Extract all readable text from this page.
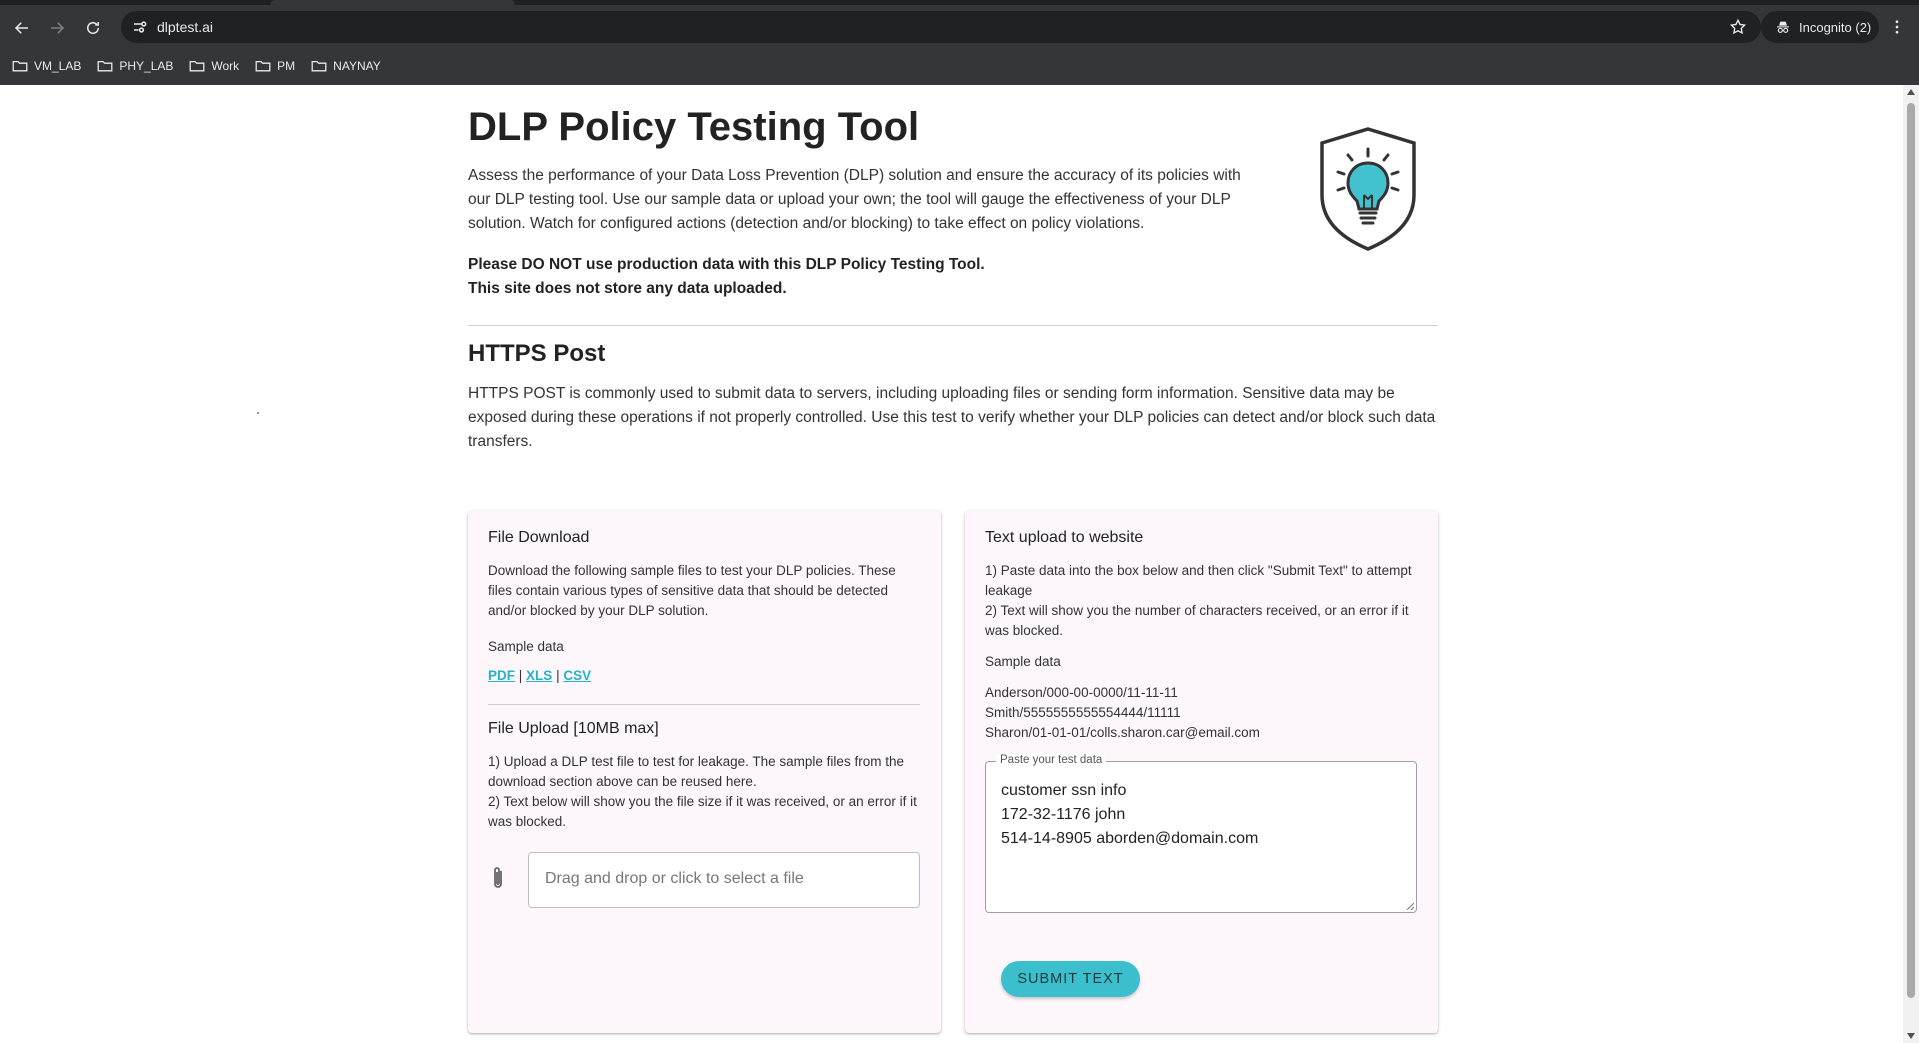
dlptest.ai	Incognito (2)
VM_LAB	PHY_LAB	Work	PM	NAYNAY
DLP Policy Testing Tool

Assess the performance of your Data Loss Prevention (DLP) solution and ensure the accuracy of its policies with our DLP testing tool. Use our sample data or upload your own; the tool will gauge the effectiveness of your DLP solution. Watch for configured actions (detection and/or blocking) to take effect on policy violations.

Please DO NOT use production data with this DLP Policy Testing Tool.
This site does not store any data uploaded.
HTTPS Post

HTTPS POST is commonly used to submit data to servers, including uploading files or sending form information. Sensitive data may be exposed during these operations if not properly controlled. Use this test to verify whether your DLP policies can detect and/or block such data transfers.

File Download
Download the following sample files to test your DLP policies. These files contain various types of sensitive data that should be detected and/or blocked by your DLP solution.
Sample data
PDF | XLS | CSV
File Upload [10MB max]
1) Upload a DLP test file to test for leakage. The sample files from the download section above can be reused here.
2) Text below will show you the file size if it was received, or an error if it was blocked.
Drag and drop or click to select a file
Text upload to website
1) Paste data into the box below and then click "Submit Text" to attempt leakage
2) Text will show you the number of characters received, or an error if it was blocked.
Sample data
Anderson/000-00-0000/11-11-11
Smith/5555555555554444/11111
Sharon/01-01-01/colls.sharon.car@email.com
Paste your test data
customer ssn info
172-32-1176 john
514-14-8905 aborden@domain.com
SUBMIT TEXT
